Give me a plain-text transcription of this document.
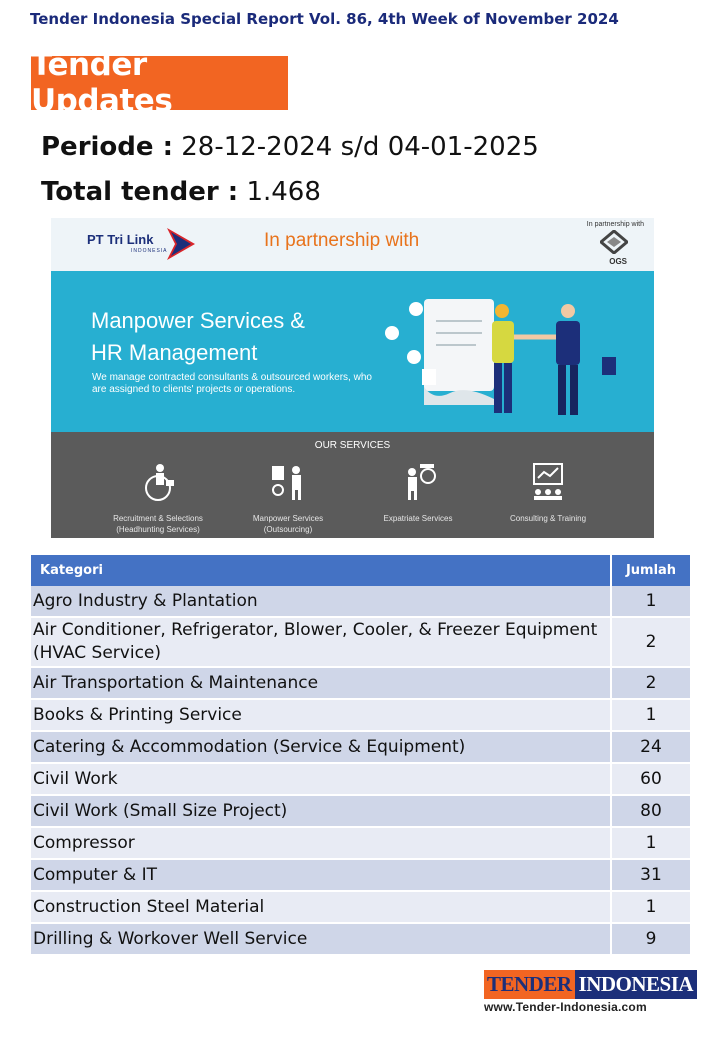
Tender Indonesia Special Report Vol. 86, 4th Week of November 2024
Tender Updates
Periode : 28-12-2024 s/d 04-01-2025
Total tender : 1.468
PT Tri Link
INDONESIA	In partnership with
In partnership with
OGS
Manpower Services &
HR Management
We manage contracted consultants & outsourced workers, who are assigned to clients' projects or operations.
OUR SERVICES
Recruitment & Selections
(Headhunting Services)
Manpower Services
(Outsourcing)
Expatriate Services	Consulting & Training
Kategori	Jumlah
Agro Industry & Plantation	1
Air Conditioner, Refrigerator, Blower, Cooler, & Freezer Equipment (HVAC Service)	2
Air Transportation & Maintenance	2
Books & Printing Service	1
Catering & Accommodation (Service & Equipment)	24
Civil Work	60
Civil Work (Small Size Project)	80
Compressor	1
Computer & IT	31
Construction Steel Material	1
Drilling & Workover Well Service	9
TENDER INDONESIA
www.Tender-Indonesia.com
